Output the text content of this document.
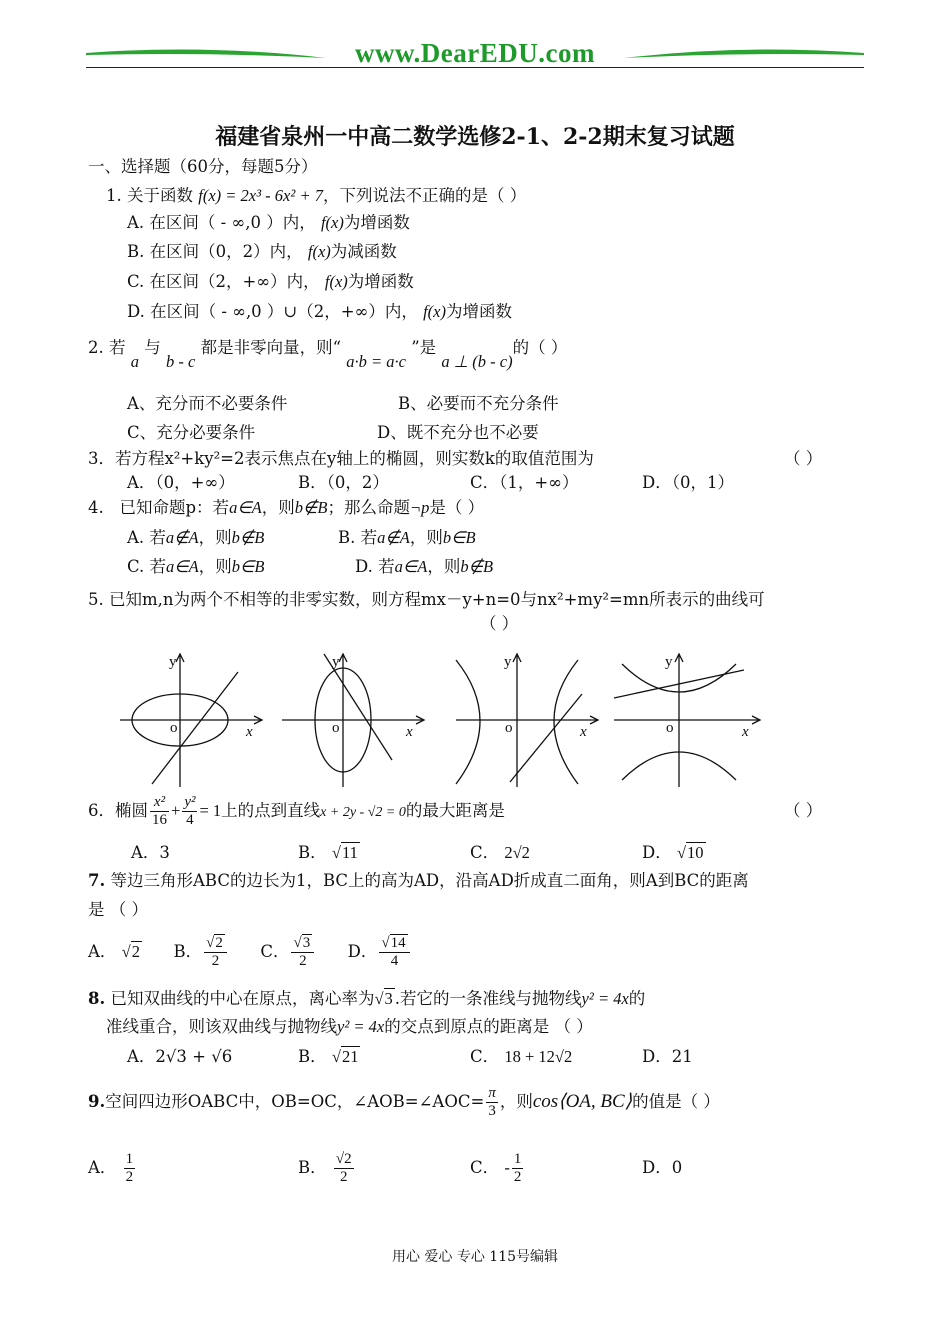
www.DearEDU.com
福建省泉州一中高二数学选修2-1、2-2期末复习试题
一、选择题（60分，每题5分）
1. 关于函数 f(x) = 2x³ - 6x² + 7，下列说法不正确的是（ ）
A. 在区间（ - ∞,0 ）内， f(x)为增函数
B. 在区间（0，2）内， f(x)为减函数
C. 在区间（2，+∞）内， f(x)为增函数
D. 在区间（ - ∞,0 ）∪（2，+∞）内， f(x)为增函数
2. 若 a 与 b - c 都是非零向量，则“ a·b = a·c ”是 a ⊥ (b - c)的（ ）
A、充分而不必要条件	B、必要而不充分条件
C、充分必要条件	D、既不充分也不必要
3．若方程x²+ky²=2表示焦点在y轴上的椭圆，则实数k的取值范围为	（ ）
A．（0，+∞）	B．（0，2）	C．（1，+∞）	D．（0，1）
4. 已知命题p：若a∈A，则b∉B；那么命题¬p是（ ）
A. 若a∉A，则b∉B	B. 若a∉A，则b∈B
C. 若a∈A，则b∈B	D. 若a∈A，则b∉B
5. 已知m,n为两个不相等的非零实数，则方程mx－y+n=0与nx²+my²=mn所表示的曲线可
（ ）
y
o	x
y
o	x
y
o	x
y
o	x
6．椭圆 $\frac{\text{x²}}{16} + \frac{\text{y²}}{4} = 1$上的点到直线x + 2y - √2 = 0的最大距离是	（ ）
A．3	B． √11	C． 2√2	D． √10
7. 等边三角形ABC的边长为1，BC上的高为AD，沿高AD折成直二面角，则A到BC的距离
是 （ ）
A． √2 B． $\frac{√2}{2}$ C． $\frac{√3}{2}$ D． $\frac{√14}{4}$
8. 已知双曲线的中心在原点，离心率为√3 .若它的一条准线与抛物线y² = 4x的
准线重合，则该双曲线与抛物线y² = 4x的交点到原点的距离是 （ ）
A．2√3 + √6	B． √21	C． 18 + 12√2	D．21
9.空间四边形OABC中，OB=OC，∠AOB=∠AOC= $\frac{\pi}{3}$ ，则cos⟨OA, BC⟩的值是（ ）
A． $\frac{1}{2}$	B． $\frac{√2}{2}$	C． - $\frac{1}{2}$	D．0
用心 爱心 专心 115号编辑
